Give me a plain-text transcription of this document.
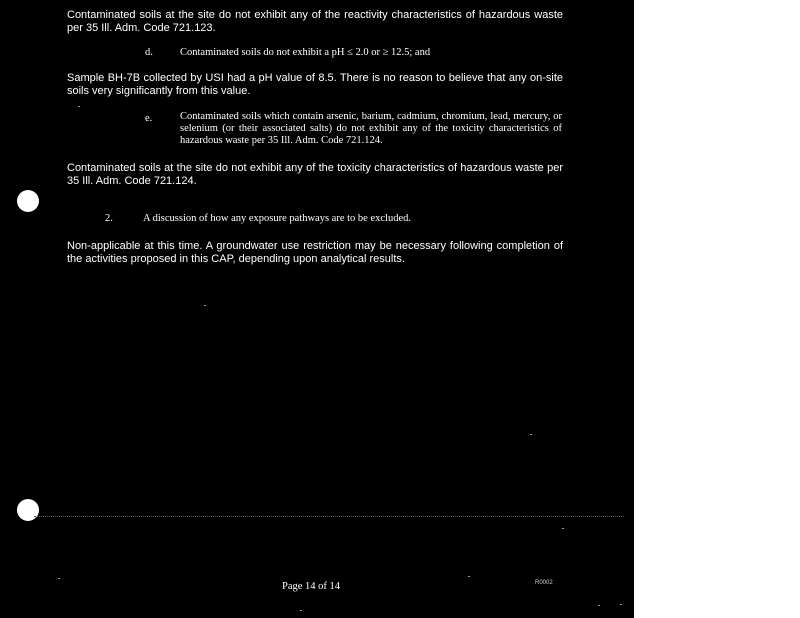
Contaminated soils at the site do not exhibit any of the reactivity characteristics of hazardous waste per 35 Ill. Adm. Code 721.123.
d.	Contaminated soils do not exhibit a pH ≤ 2.0 or ≥ 12.5; and
Sample BH-7B collected by USI had a pH value of 8.5. There is no reason to believe that any on-site soils very significantly from this value.
e.	Contaminated soils which contain arsenic, barium, cadmium, chromium, lead, mercury, or selenium (or their associated salts) do not exhibit any of the toxicity characteristics of hazardous waste per 35 Ill. Adm. Code 721.124.
Contaminated soils at the site do not exhibit any of the toxicity characteristics of hazardous waste per 35 Ill. Adm. Code 721.124.
2.	A discussion of how any exposure pathways are to be excluded.
Non-applicable at this time. A groundwater use restriction may be necessary following completion of the activities proposed in this CAP, depending upon analytical results.
Page 14 of 14	R0002
